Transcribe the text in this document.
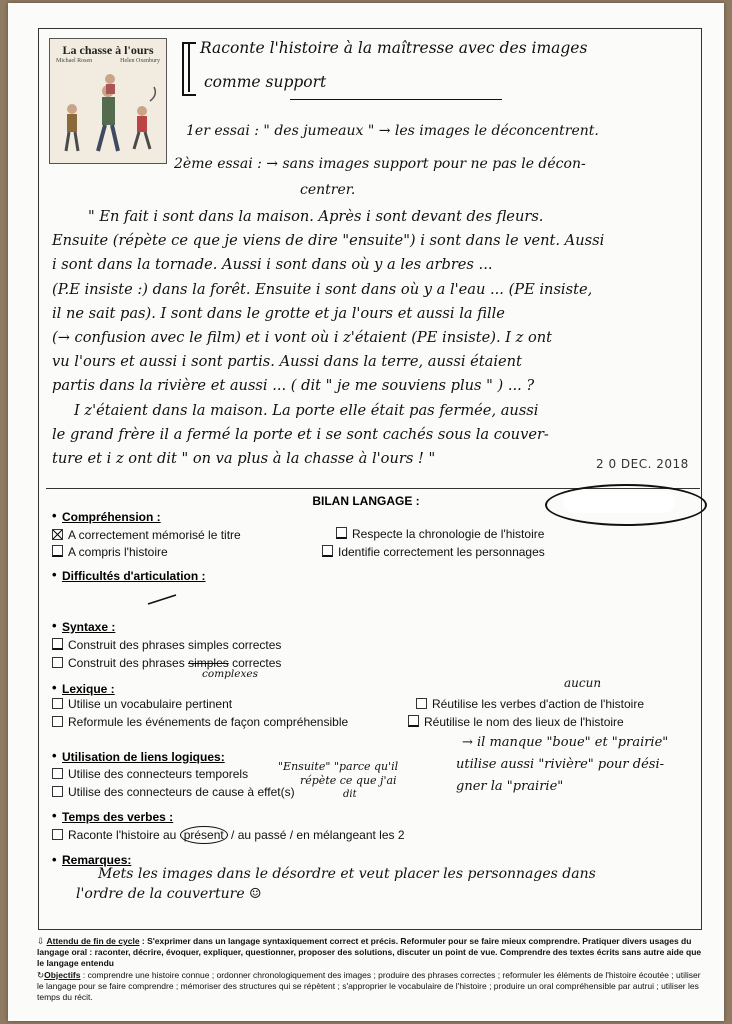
La chasse à l'ours
Michael Rosen	Helen Oxenbury
Raconte l'histoire à la maîtresse avec des images
comme support
1er essai : " des jumeaux " → les images le déconcentrent.
2ème essai : → sans images support pour ne pas le décon-
centrer.
" En fait i sont dans la maison. Après i sont devant des fleurs.
Ensuite (répète ce que je viens de dire "ensuite") i sont dans le vent. Aussi
i sont dans la tornade. Aussi i sont dans où y a les arbres ...
(P.E insiste :) dans la forêt. Ensuite i sont dans où y a l'eau ... (PE insiste,
il ne sait pas). I sont dans le grotte et ja l'ours et aussi la fille
(→ confusion avec le film) et i vont où i z'étaient (PE insiste). I z ont
vu l'ours et aussi i sont partis. Aussi dans la terre, aussi étaient
partis dans la rivière et aussi ... ( dit " je me souviens plus " ) ... ?
I z'étaient dans la maison. La porte elle était pas fermée, aussi
le grand frère il a fermé la porte et i se sont cachés sous la couver-
ture et i z ont dit " on va plus à la chasse à l'ours ! "	2 0 DEC. 2018
BILAN LANGAGE :
• Compréhension :
A correctement mémorisé le titre
A compris l'histoire
Respecte la chronologie de l'histoire
Identifie correctement les personnages
• Difficultés d'articulation :
• Syntaxe :
Construit des phrases simples correctes
Construit des phrases simples correctes
complexes
• Lexique :
Utilise un vocabulaire pertinent
Reformule les événements de façon compréhensible
Réutilise les verbes d'action de l'histoire
aucun
Réutilise le nom des lieux de l'histoire
• Utilisation de liens logiques:
Utilise des connecteurs temporels
Utilise des connecteurs de cause à effet(s)
"Ensuite" "parce qu'il
répète ce que j'ai
dit
→ il manque "boue" et "prairie"
utilise aussi "rivière" pour dési-
gner la "prairie"
• Temps des verbes :
Raconte l'histoire au présent / au passé / en mélangeant les 2
• Remarques:
Mets les images dans le désordre et veut placer les personnages dans
l'ordre de la couverture ☺
⇩ Attendu de fin de cycle : S'exprimer dans un langage syntaxiquement correct et précis. Reformuler pour se faire mieux comprendre. Pratiquer divers usages du langage oral : raconter, décrire, évoquer, expliquer, questionner, proposer des solutions, discuter un point de vue. Comprendre des textes écrits sans autre aide que le langage entendu
↻Objectifs : comprendre une histoire connue ; ordonner chronologiquement des images ; produire des phrases correctes ; reformuler les éléments de l'histoire écoutée ; utiliser le langage pour se faire comprendre ; mémoriser des structures qui se répètent ; s'approprier le vocabulaire de l'histoire ; produire un oral compréhensible par autrui ; utiliser les temps du récit.
